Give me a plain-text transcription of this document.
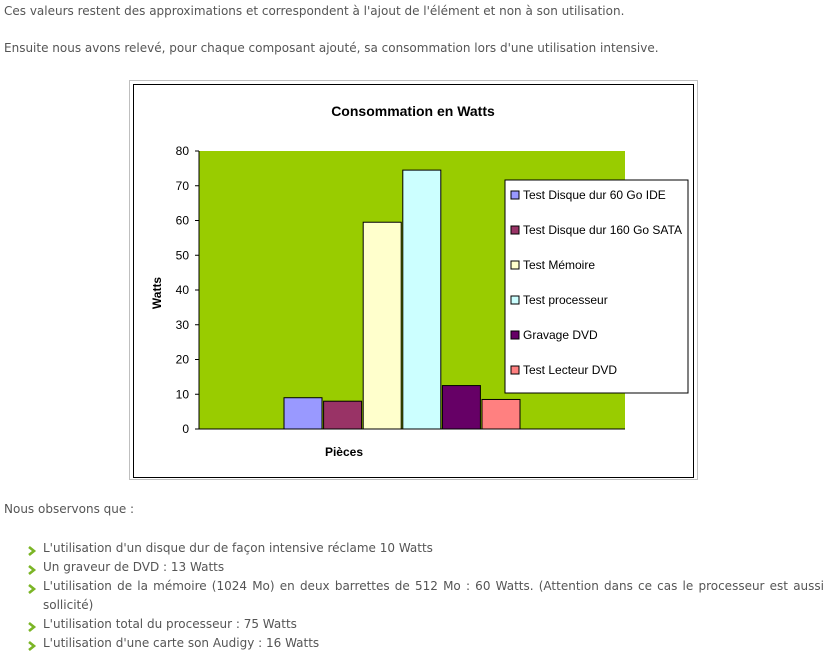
Ces valeurs restent des approximations et correspondent à l'ajout de l'élément et non à son utilisation.

Ensuite nous avons relevé, pour chaque composant ajouté, sa consommation lors d'une utilisation intensive.

Consommation en Watts
Pièces
Watts
0
10
20
30
40
50
60
70
80
Test Disque dur 60 Go IDE
Test Disque dur 160 Go SATA
Test Mémoire
Test processeur
Gravage DVD
Test Lecteur DVD

Nous observons que :

L'utilisation d'un disque dur de façon intensive réclame 10 Watts
Un graveur de DVD : 13 Watts
L'utilisation de la mémoire (1024 Mo) en deux barrettes de 512 Mo : 60 Watts. (Attention dans ce cas le processeur est aussi sollicité)
L'utilisation total du processeur : 75 Watts
L'utilisation d'une carte son Audigy : 16 Watts
